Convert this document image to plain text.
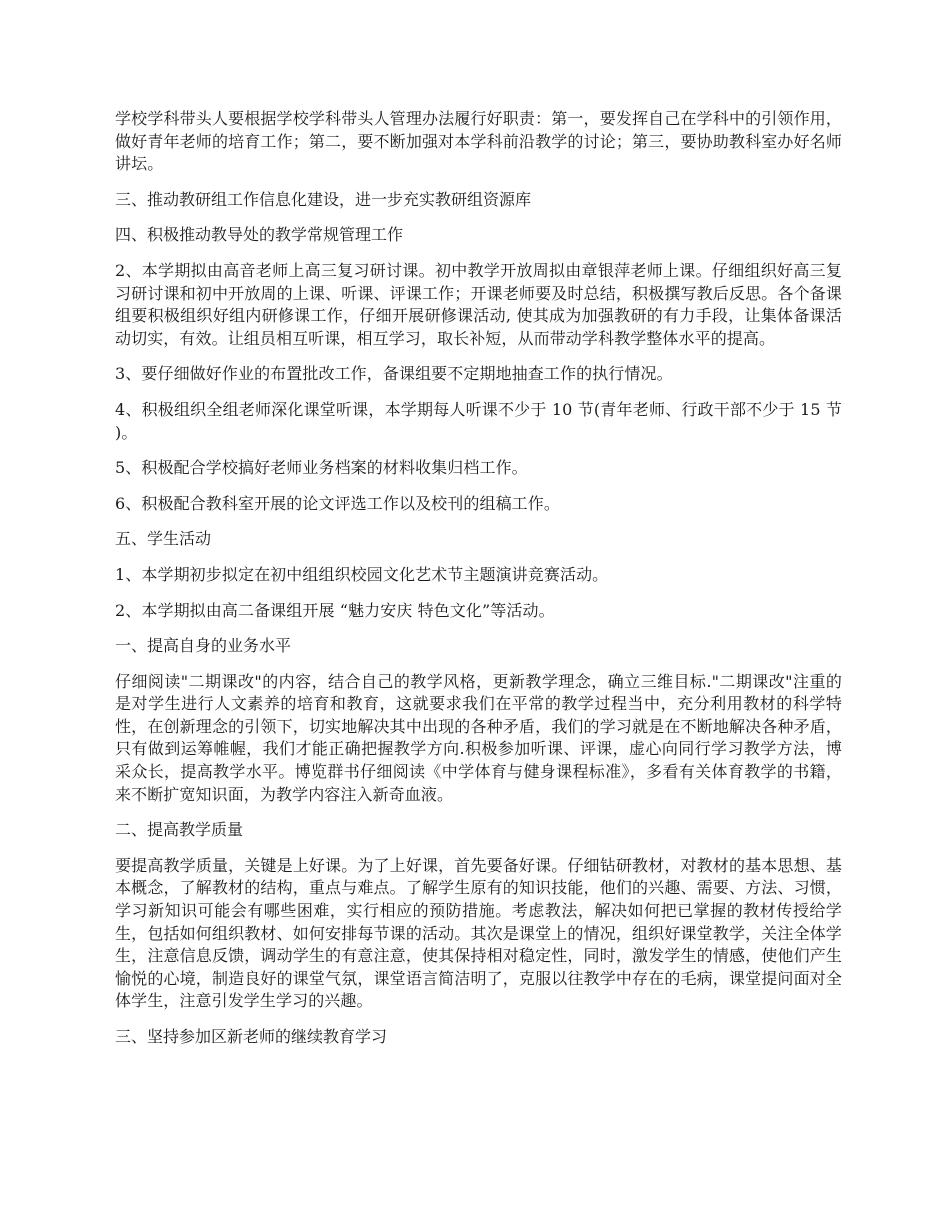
学校学科带头人要根据学校学科带头人管理办法履行好职责：第一，要发挥自己在学科中的引领作用，做好青年老师的培育工作；第二，要不断加强对本学科前沿教学的讨论；第三，要协助教科室办好名师讲坛。

三、推动教研组工作信息化建设，进一步充实教研组资源库

四、积极推动教导处的教学常规管理工作

2、本学期拟由高音老师上高三复习研讨课。初中教学开放周拟由章银萍老师上课。仔细组织好高三复习研讨课和初中开放周的上课、听课、评课工作；开课老师要及时总结，积极撰写教后反思。各个备课组要积极组织好组内研修课工作，仔细开展研修课活动, 使其成为加强教研的有力手段，让集体备课活动切实，有效。让组员相互听课，相互学习，取长补短，从而带动学科教学整体水平的提高。

3、要仔细做好作业的布置批改工作，备课组要不定期地抽查工作的执行情况。

4、积极组织全组老师深化课堂听课，本学期每人听课不少于 10 节(青年老师、行政干部不少于 15 节 )。

5、积极配合学校搞好老师业务档案的材料收集归档工作。

6、积极配合教科室开展的论文评选工作以及校刊的组稿工作。

五、学生活动

1、本学期初步拟定在初中组组织校园文化艺术节主题演讲竞赛活动。

2、本学期拟由高二备课组开展 “魅力安庆 特色文化”等活动。

一、提高自身的业务水平

仔细阅读"二期课改"的内容，结合自己的教学风格，更新教学理念，确立三维目标."二期课改"注重的是对学生进行人文素养的培育和教育，这就要求我们在平常的教学过程当中，充分利用教材的科学特性，在创新理念的引领下，切实地解决其中出现的各种矛盾，我们的学习就是在不断地解决各种矛盾，只有做到运筹帷幄，我们才能正确把握教学方向.积极参加听课、评课，虚心向同行学习教学方法，博采众长，提高教学水平。博览群书仔细阅读《中学体育与健身课程标准》，多看有关体育教学的书籍，来不断扩宽知识面，为教学内容注入新奇血液。

二、提高教学质量

要提高教学质量，关键是上好课。为了上好课，首先要备好课。仔细钻研教材，对教材的基本思想、基本概念，了解教材的结构，重点与难点。了解学生原有的知识技能，他们的兴趣、需要、方法、习惯，学习新知识可能会有哪些困难，实行相应的预防措施。考虑教法，解决如何把已掌握的教材传授给学生，包括如何组织教材、如何安排每节课的活动。其次是课堂上的情况，组织好课堂教学，关注全体学生，注意信息反馈，调动学生的有意注意，使其保持相对稳定性，同时，激发学生的情感，使他们产生愉悦的心境，制造良好的课堂气氛，课堂语言简洁明了，克服以往教学中存在的毛病，课堂提问面对全体学生，注意引发学生学习的兴趣。

三、坚持参加区新老师的继续教育学习
